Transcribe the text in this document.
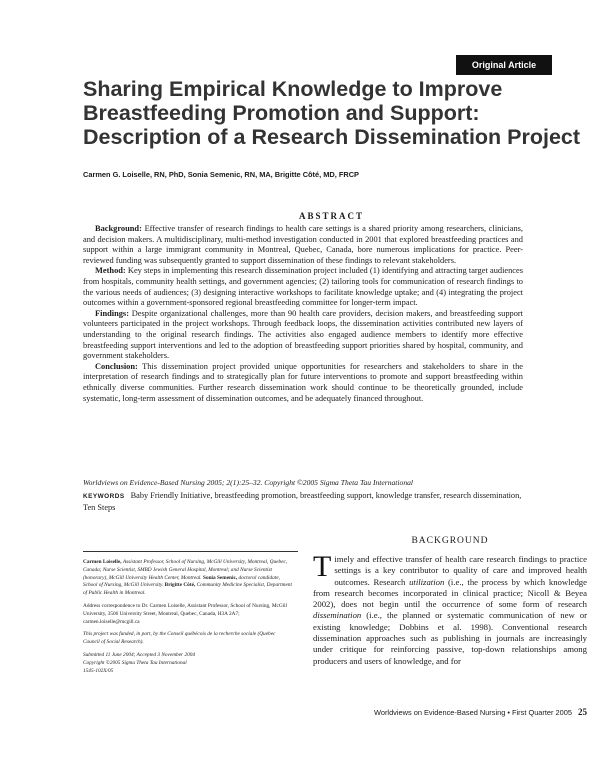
Original Article
Sharing Empirical Knowledge to Improve
Breastfeeding Promotion and Support:
Description of a Research Dissemination Project
Carmen G. Loiselle, RN, PhD, Sonia Semenic, RN, MA, Brigitte Côté, MD, FRCP
ABSTRACT

Background: Effective transfer of research findings to health care settings is a shared priority among researchers, clinicians, and decision makers. A multidisciplinary, multi-method investigation conducted in 2001 that explored breastfeeding practices and support within a large immigrant community in Montreal, Quebec, Canada, bore numerous implications for practice. Peer-reviewed funding was subsequently granted to support dissemination of these findings to relevant stakeholders.

Method: Key steps in implementing this research dissemination project included (1) identifying and attracting target audiences from hospitals, community health settings, and government agencies; (2) tailoring tools for communication of research findings to the various needs of audiences; (3) designing interactive workshops to facilitate knowledge uptake; and (4) integrating the project outcomes within a government-sponsored regional breastfeeding committee for longer-term impact.

Findings: Despite organizational challenges, more than 90 health care providers, decision makers, and breastfeeding support volunteers participated in the project workshops. Through feedback loops, the dissemination activities contributed new layers of understanding to the original research findings. The activities also engaged audience members to identify more effective breastfeeding support interventions and led to the adoption of breastfeeding support priorities shared by hospital, community, and government stakeholders.

Conclusion: This dissemination project provided unique opportunities for researchers and stakeholders to share in the interpretation of research findings and to strategically plan for future interventions to promote and support breastfeeding within ethnically diverse communities. Further research dissemination work should continue to be theoretically grounded, include systematic, long-term assessment of dissemination outcomes, and be adequately financed throughout.

Worldviews on Evidence-Based Nursing 2005; 2(1):25–32. Copyright ©2005 Sigma Theta Tau International
KEYWORDS Baby Friendly Initiative, breastfeeding promotion, breastfeeding support, knowledge transfer, research dissemination, Ten Steps

Carmen Loiselle, Assistant Professor, School of Nursing, McGill University, Montreal, Quebec, Canada; Nurse Scientist, SMBD Jewish General Hospital, Montreal; and Nurse Scientist (honorary), McGill University Health Center, Montreal. Sonia Semenic, doctoral candidate, School of Nursing, McGill University. Brigitte Côté, Community Medicine Specialist, Department of Public Health in Montreal.

Address correspondence to Dr. Carmen Loiselle, Assistant Professor, School of Nursing, McGill University, 3506 University Street, Montreal, Quebec, Canada, H3A 2A7; carmen.loiselle@mcgill.ca

This project was funded, in part, by the Conseil québécois de la recherche sociale (Quebec Council of Social Research).

Submitted 11 June 2004; Accepted 3 November 2004
Copyright ©2005 Sigma Theta Tau International
1545-102X/05

BACKGROUND
Timely and effective transfer of health care research findings to practice settings is a key contributor to quality of care and improved health outcomes. Research utilization (i.e., the process by which knowledge from research becomes incorporated in clinical practice; Nicoll & Beyea 2002), does not begin until the occurrence of some form of research dissemination (i.e., the planned or systematic communication of new or existing knowledge; Dobbins et al. 1998). Conventional research dissemination approaches such as publishing in journals are increasingly under critique for reinforcing passive, top-down relationships among producers and users of knowledge, and for
Worldviews on Evidence-Based Nursing • First Quarter 2005 25
